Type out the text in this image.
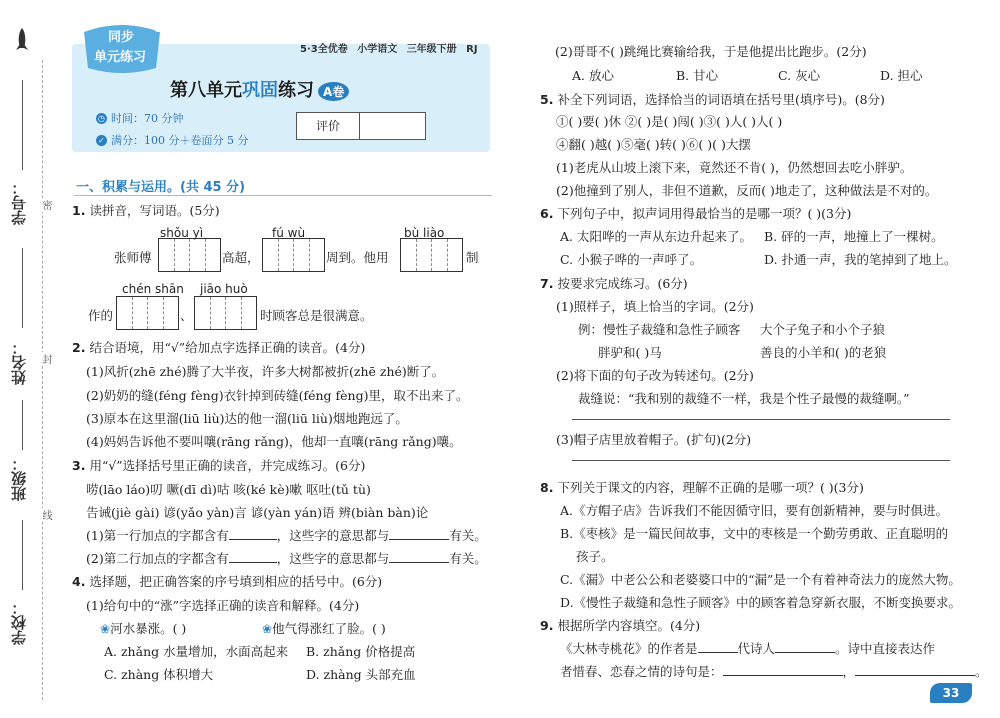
学号：
姓名：
班级：
学校：
密
封
线
同步
单元练习
5·3全优卷 小学语文 三年级下册 RJ
第八单元巩固练习 A卷
◷ 时间：70 分钟
✓ 满分：100 分＋卷面分 5 分
评价
一、积累与运用。(共 45 分)
1. 读拼音，写词语。(5分)
shǒu yì	fú wù	bù liào
张师傅	高超，	周到。他用	制
chén shān jiāo huò
作的	、	时顾客总是很满意。
2. 结合语境，用“√”给加点字选择正确的读音。(4分)
(1)风折(zhē zhé)腾了大半夜，许多大树都被折(zhē zhé)断了。
(2)奶奶的缝(féng fèng)衣针掉到砖缝(féng fèng)里，取不出来了。
(3)原本在这里溜(liū liù)达的他一溜(liū liù)烟地跑远了。
(4)妈妈告诉他不要叫嚷(rāng rǎng)，他却一直嚷(rāng rǎng)嚷。
3. 用“√”选择括号里正确的读音，并完成练习。(6分)
唠(lāo láo)叨 噘(dī dì)咕 咳(ké kè)嗽 呕吐(tǔ tù)
告诫(jiè gài) 谚(yǎo yàn)言 谚(yàn yán)语 辨(biàn bàn)论
(1)第一行加点的字都含有	，这些字的意思都与	有关。
(2)第二行加点的字都含有	，这些字的意思都与	有关。
4. 选择题，把正确答案的序号填到相应的括号中。(6分)
(1)给句中的“涨”字选择正确的读音和解释。(4分)
❀河水暴涨。( )	❀他气得涨红了脸。( )
A. zhǎng 水量增加，水面高起来 B. zhǎng 价格提高
C. zhàng 体积增大	D. zhàng 头部充血
(2)哥哥不( )跳绳比赛输给我，于是他提出比跑步。(2分)
A. 放心	B. 甘心	C. 灰心	D. 担心
5. 补全下列词语，选择恰当的词语填在括号里(填序号)。(8分)
①( )要( )休 ②( )是( )闯( )③( )人( )人( )
④翻( )越( )⑤毫( )转( )⑥( )( )大摆
(1)老虎从山坡上滚下来，竟然还不肯( )，仍然想回去吃小胖驴。
(2)他撞到了别人，非但不道歉，反而( )地走了，这种做法是不对的。
6. 下列句子中，拟声词用得最恰当的是哪一项？( )(3分)
A. 太阳哗的一声从东边升起来了。 B. 砰的一声，地撞上了一棵树。
C. 小猴子哗的一声呼了。	D. 扑通一声，我的笔掉到了地上。
7. 按要求完成练习。(6分)
(1)照样子，填上恰当的字词。(2分)
例：慢性子裁缝和急性子顾客 大个子兔子和小个子狼
胖驴和( )马	善良的小羊和( )的老狼
(2)将下面的句子改为转述句。(2分)
裁缝说：“我和别的裁缝不一样，我是个性子最慢的裁缝啊。”
(3)帽子店里放着帽子。(扩句)(2分)
8. 下列关于课文的内容，理解不正确的是哪一项？( )(3分)
A.《方帽子店》告诉我们不能因循守旧，要有创新精神，要与时俱进。
B.《枣核》是一篇民间故事，文中的枣核是一个勤劳勇敢、正直聪明的
孩子。
C.《漏》中老公公和老婆婆口中的“漏”是一个有着神奇法力的庞然大物。
D.《慢性子裁缝和急性子顾客》中的顾客着急穿新衣服，不断变换要求。
9. 根据所学内容填空。(4分)
《大林寺桃花》的作者是	代诗人	。诗中直接表达作
者惜春、恋春之情的诗句是：	，	。
33
